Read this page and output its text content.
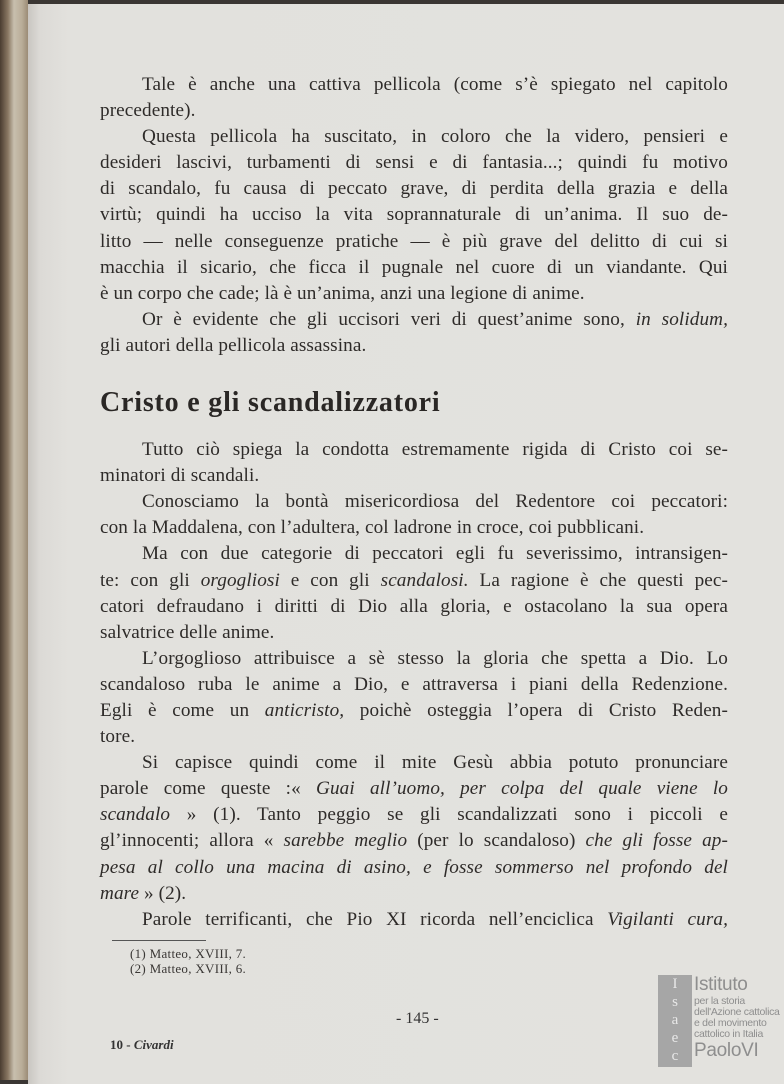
Tale è anche una cattiva pellicola (come s’è spiegato nel capitolo
precedente).
Questa pellicola ha suscitato, in coloro che la videro, pensieri e
desideri lascivi, turbamenti di sensi e di fantasia...; quindi fu motivo
di scandalo, fu causa di peccato grave, di perdita della grazia e della
virtù; quindi ha ucciso la vita soprannaturale di un’anima. Il suo de-
litto — nelle conseguenze pratiche — è più grave del delitto di cui si
macchia il sicario, che ficca il pugnale nel cuore di un viandante. Qui
è un corpo che cade; là è un’anima, anzi una legione di anime.
Or è evidente che gli uccisori veri di quest’anime sono, in solidum,
gli autori della pellicola assassina.
Cristo e gli scandalizzatori
Tutto ciò spiega la condotta estremamente rigida di Cristo coi se-
minatori di scandali.
Conosciamo la bontà misericordiosa del Redentore coi peccatori:
con la Maddalena, con l’adultera, col ladrone in croce, coi pubblicani.
Ma con due categorie di peccatori egli fu severissimo, intransigen-
te: con gli orgogliosi e con gli scandalosi. La ragione è che questi pec-
catori defraudano i diritti di Dio alla gloria, e ostacolano la sua opera
salvatrice delle anime.
L’orgoglioso attribuisce a sè stesso la gloria che spetta a Dio. Lo
scandaloso ruba le anime a Dio, e attraversa i piani della Redenzione.
Egli è come un anticristo, poichè osteggia l’opera di Cristo Reden-
tore.
Si capisce quindi come il mite Gesù abbia potuto pronunciare
parole come queste :« Guai all’uomo, per colpa del quale viene lo
scandalo » (1). Tanto peggio se gli scandalizzati sono i piccoli e
gl’innocenti; allora « sarebbe meglio (per lo scandaloso) che gli fosse ap-
pesa al collo una macina di asino, e fosse sommerso nel profondo del
mare » (2).
Parole terrificanti, che Pio XI ricorda nell’enciclica Vigilanti cura,
(1) Matteo, XVIII, 7.
(2) Matteo, XVIII, 6.
- 145 -
10 - Civardi
I
s
a
e
c
Istituto
per la storia
dell'Azione cattolica
e del movimento
cattolico in Italia
PaoloVI
